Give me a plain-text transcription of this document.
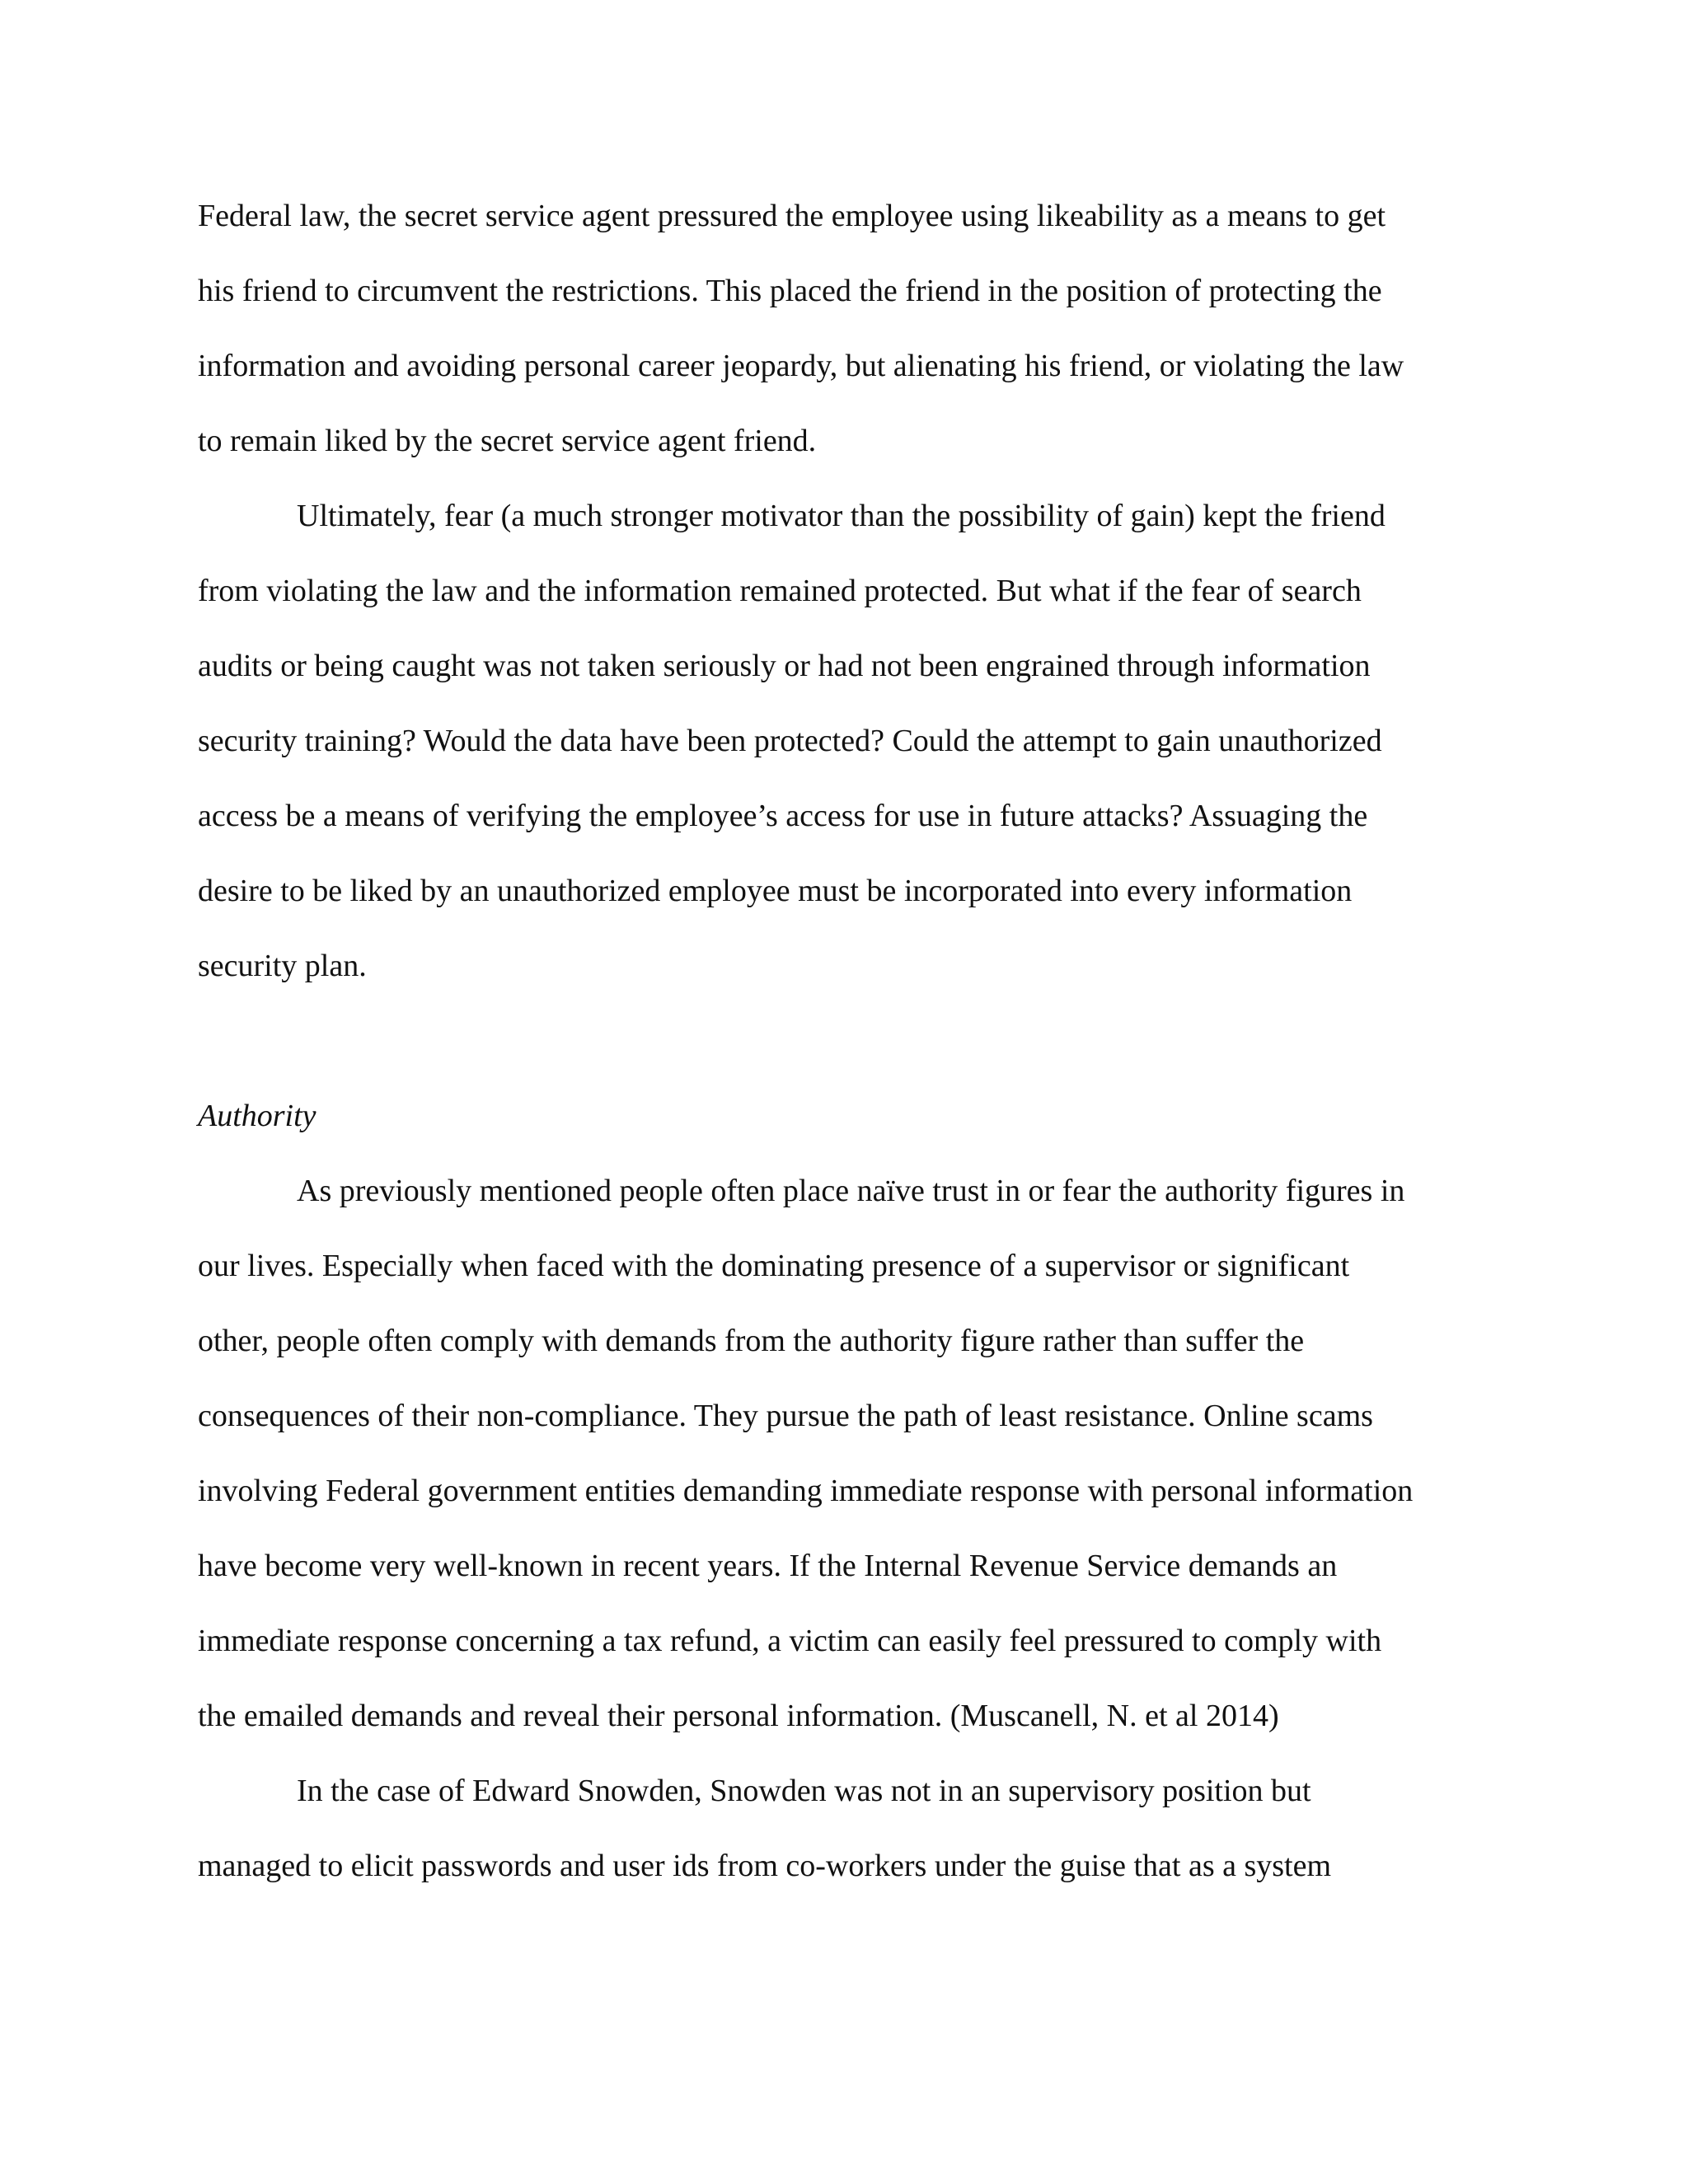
Federal law, the secret service agent pressured the employee using likeability as a means to get
his friend to circumvent the restrictions. This placed the friend in the position of protecting the
information and avoiding personal career jeopardy, but alienating his friend, or violating the law
to remain liked by the secret service agent friend.
Ultimately, fear (a much stronger motivator than the possibility of gain) kept the friend
from violating the law and the information remained protected. But what if the fear of search
audits or being caught was not taken seriously or had not been engrained through information
security training? Would the data have been protected? Could the attempt to gain unauthorized
access be a means of verifying the employee’s access for use in future attacks? Assuaging the
desire to be liked by an unauthorized employee must be incorporated into every information
security plan.
Authority
As previously mentioned people often place naïve trust in or fear the authority figures in
our lives. Especially when faced with the dominating presence of a supervisor or significant
other, people often comply with demands from the authority figure rather than suffer the
consequences of their non-compliance. They pursue the path of least resistance. Online scams
involving Federal government entities demanding immediate response with personal information
have become very well-known in recent years. If the Internal Revenue Service demands an
immediate response concerning a tax refund, a victim can easily feel pressured to comply with
the emailed demands and reveal their personal information. (Muscanell, N. et al 2014)
In the case of Edward Snowden, Snowden was not in an supervisory position but
managed to elicit passwords and user ids from co-workers under the guise that as a system
